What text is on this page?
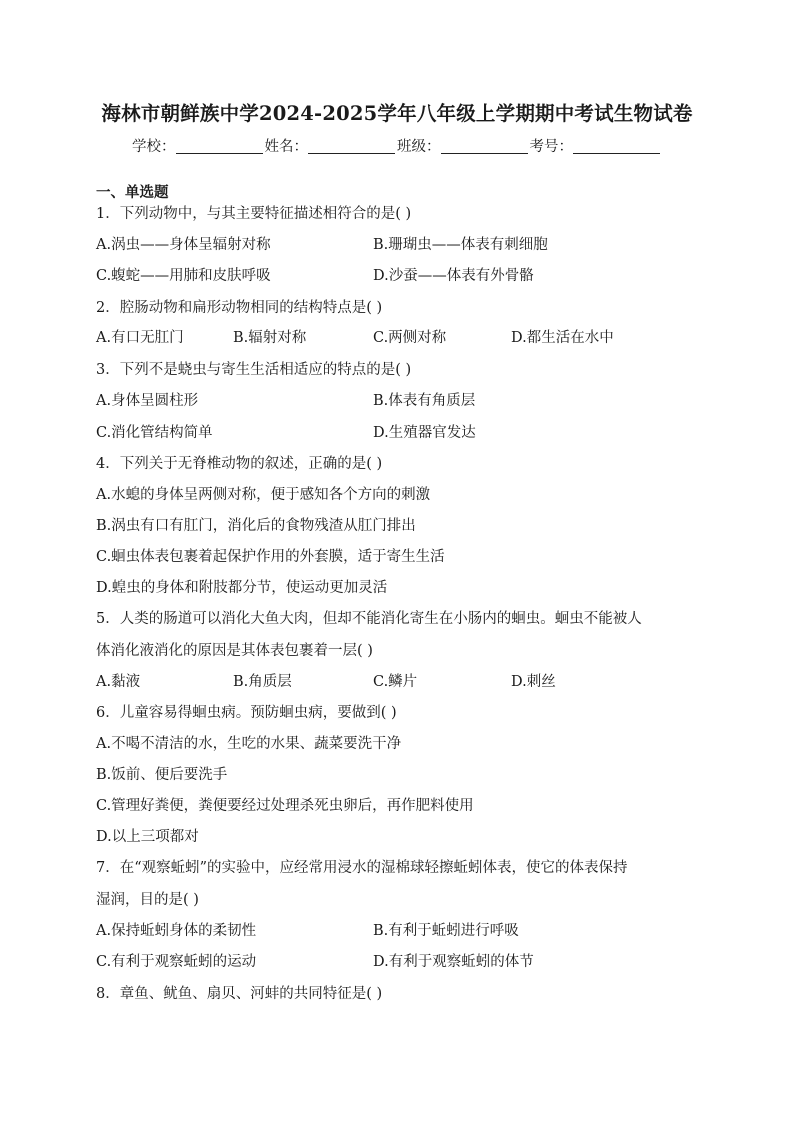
海林市朝鲜族中学2024-2025学年八年级上学期期中考试生物试卷
学校：	姓名：	班级：	考号：
一、单选题
1．下列动物中，与其主要特征描述相符合的是( )
A.涡虫——身体呈辐射对称	B.珊瑚虫——体表有刺细胞
C.蝮蛇——用肺和皮肤呼吸	D.沙蚕——体表有外骨骼
2．腔肠动物和扁形动物相同的结构特点是( )
A.有口无肛门	B.辐射对称	C.两侧对称	D.都生活在水中
3．下列不是蛲虫与寄生生活相适应的特点的是( )
A.身体呈圆柱形	B.体表有角质层
C.消化管结构简单	D.生殖器官发达
4．下列关于无脊椎动物的叙述，正确的是( )
A.水螅的身体呈两侧对称，便于感知各个方向的刺激
B.涡虫有口有肛门，消化后的食物残渣从肛门排出
C.蛔虫体表包裹着起保护作用的外套膜，适于寄生生活
D.蝗虫的身体和附肢都分节，使运动更加灵活
5．人类的肠道可以消化大鱼大肉，但却不能消化寄生在小肠内的蛔虫。蛔虫不能被人
体消化液消化的原因是其体表包裹着一层( )
A.黏液	B.角质层	C.鳞片	D.刺丝
6．儿童容易得蛔虫病。预防蛔虫病，要做到( )
A.不喝不清洁的水，生吃的水果、蔬菜要洗干净
B.饭前、便后要洗手
C.管理好粪便，粪便要经过处理杀死虫卵后，再作肥料使用
D.以上三项都对
7．在“观察蚯蚓”的实验中，应经常用浸水的湿棉球轻擦蚯蚓体表，使它的体表保持
湿润，目的是( )
A.保持蚯蚓身体的柔韧性	B.有利于蚯蚓进行呼吸
C.有利于观察蚯蚓的运动	D.有利于观察蚯蚓的体节
8．章鱼、鱿鱼、扇贝、河蚌的共同特征是( )
